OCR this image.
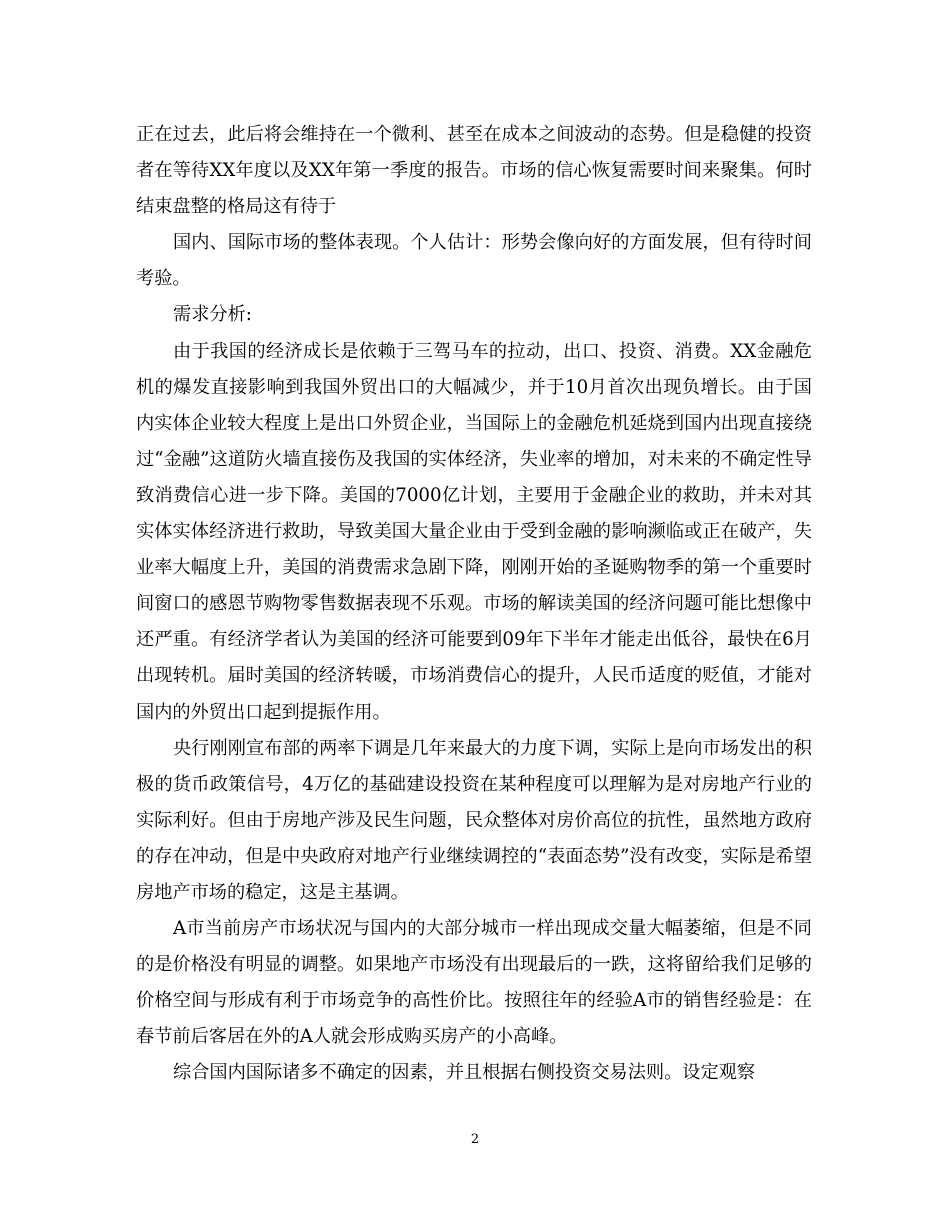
正在过去，此后将会维持在一个微利、甚至在成本之间波动的态势。但是稳健的投资者在等待XX年度以及XX年第一季度的报告。市场的信心恢复需要时间来聚集。何时结束盘整的格局这有待于

国内、国际市场的整体表现。个人估计：形势会像向好的方面发展，但有待时间考验。

需求分析:

由于我国的经济成长是依赖于三驾马车的拉动，出口、投资、消费。XX金融危机的爆发直接影响到我国外贸出口的大幅减少，并于10月首次出现负增长。由于国内实体企业较大程度上是出口外贸企业，当国际上的金融危机延烧到国内出现直接绕过“金融”这道防火墙直接伤及我国的实体经济，失业率的增加，对未来的不确定性导致消费信心进一步下降。美国的7000亿计划，主要用于金融企业的救助，并未对其实体实体经济进行救助，导致美国大量企业由于受到金融的影响濒临或正在破产，失业率大幅度上升，美国的消费需求急剧下降，刚刚开始的圣诞购物季的第一个重要时间窗口的感恩节购物零售数据表现不乐观。市场的解读美国的经济问题可能比想像中还严重。有经济学者认为美国的经济可能要到09年下半年才能走出低谷，最快在6月出现转机。届时美国的经济转暖，市场消费信心的提升，人民币适度的贬值，才能对国内的外贸出口起到提振作用。

央行刚刚宣布部的两率下调是几年来最大的力度下调，实际上是向市场发出的积极的货币政策信号，4万亿的基础建设投资在某种程度可以理解为是对房地产行业的实际利好。但由于房地产涉及民生问题，民众整体对房价高位的抗性，虽然地方政府的存在冲动，但是中央政府对地产行业继续调控的“表面态势”没有改变，实际是希望房地产市场的稳定，这是主基调。

A市当前房产市场状况与国内的大部分城市一样出现成交量大幅萎缩，但是不同的是价格没有明显的调整。如果地产市场没有出现最后的一跌，这将留给我们足够的价格空间与形成有利于市场竞争的高性价比。按照往年的经验A市的销售经验是：在春节前后客居在外的A人就会形成购买房产的小高峰。

综合国内国际诸多不确定的因素，并且根据右侧投资交易法则。设定观察

2
